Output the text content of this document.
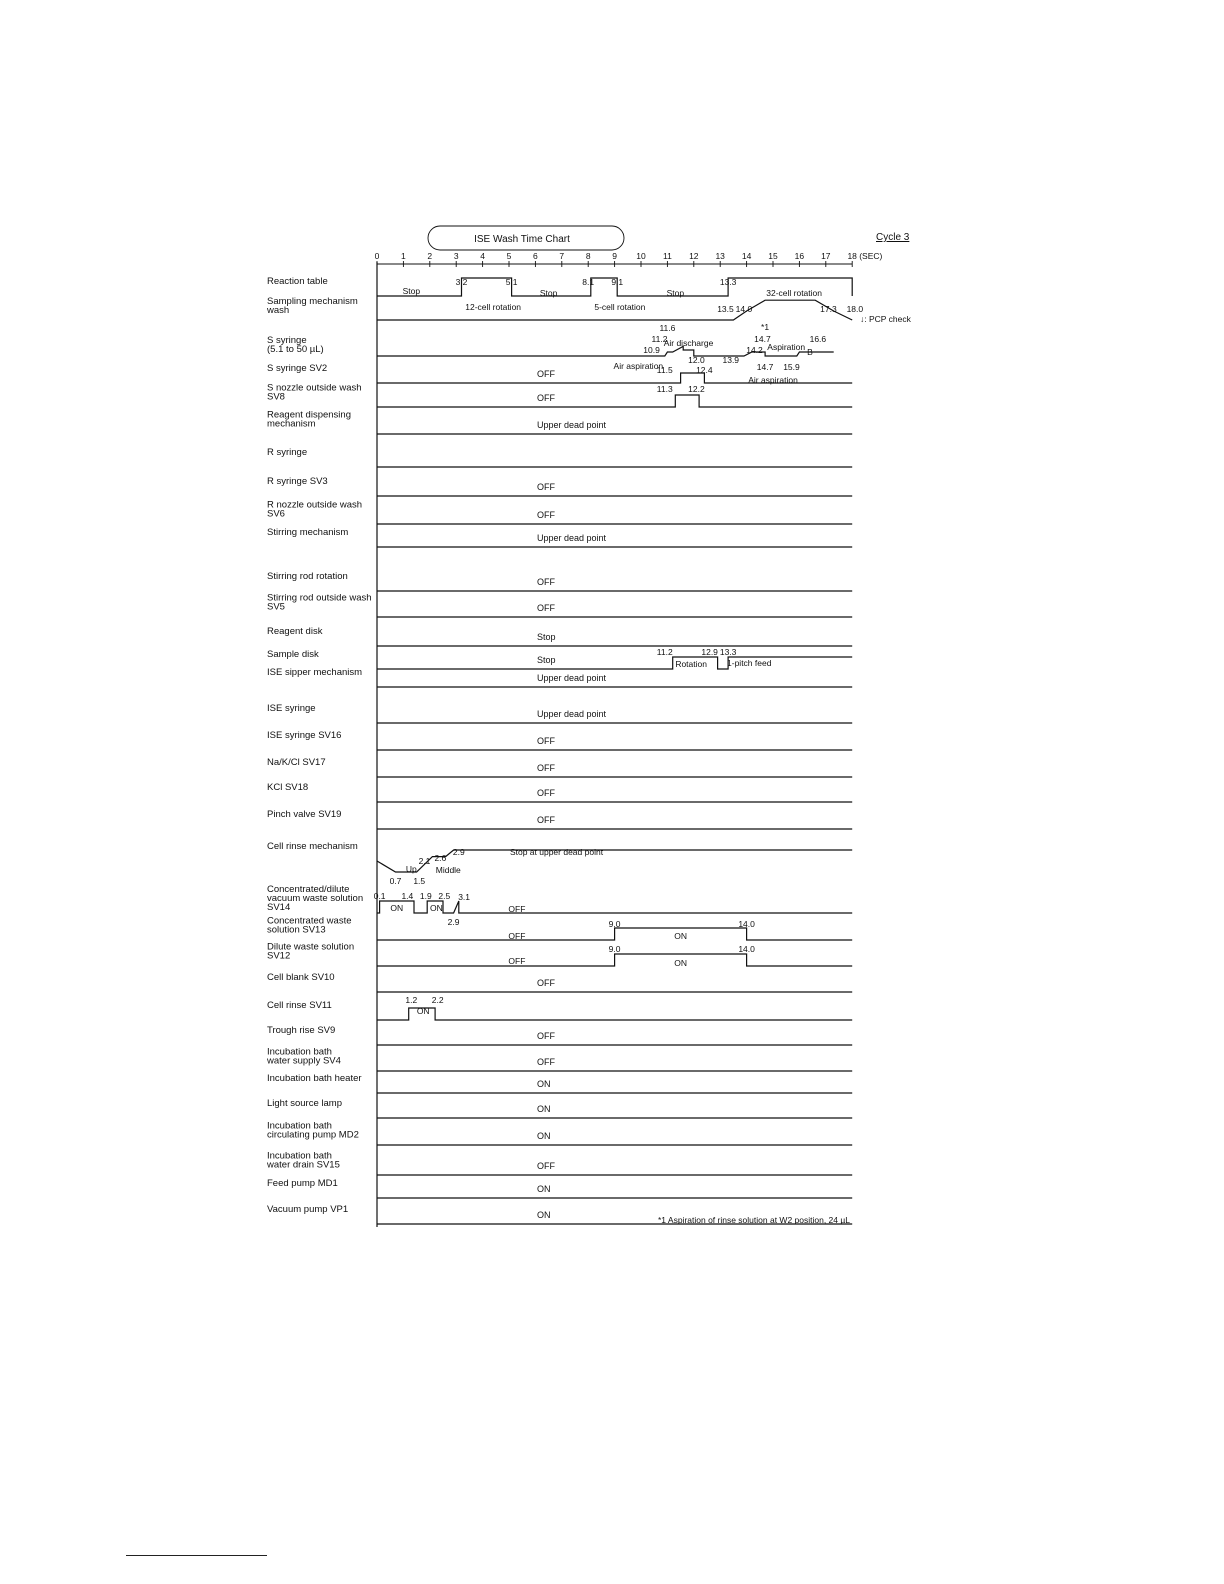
ISE Wash Time Chart	Cycle 3
↓: PCP check
0	1	2	3	4	5	6	7	8	9 10 11 12 13 14 15 16 17 18 (SEC)
Reaction table
Sampling mechanism
wash
S syringe
(5.1 to 50 µL)
S syringe SV2
S nozzle outside wash
SV8
Reagent dispensing
mechanism
R syringe
R syringe SV3
R nozzle outside wash
SV6
Stirring mechanism
Stirring rod rotation
Stirring rod outside wash
SV5
Reagent disk
Sample disk
ISE sipper mechanism
ISE syringe
ISE syringe SV16
Na/K/Cl SV17
KCl SV18
Pinch valve SV19
Cell rinse mechanism
Concentrated/dilute
vacuum waste solution
SV14
Concentrated waste
solution SV13
Dilute waste solution
SV12
Cell blank SV10
Cell rinse SV11
Trough rise SV9
Incubation bath
water supply SV4
Incubation bath heater
Light source lamp
Incubation bath
circulating pump MD2
Incubation bath
water drain SV15
Feed pump MD1
Vacuum pump VP1
Stop
3.2	5.1
12-cell rotation
Stop
8.1 9.1
5-cell rotation
Stop
13.3
32-cell rotation
13.5 14.0	17.3 18.0
*1
14.7
Aspiration
16.6
11.6
11.2
Air discharge
10.9
12.0
Air aspiration
14.2	B
13.9
14.7 15.9
Air aspiration
OFF	11.5	12.4
OFF
11.3 12.2
Upper dead point
OFF
OFF
Upper dead point
OFF
OFF
Stop
Stop
11.2	12.9 13.3
Rotation 1-pitch feed
Upper dead point
Upper dead point
OFF
OFF
OFF
OFF
2.9	Stop at upper dead point
2.1 2.6
Up Middle
0.7 1.5
0.1 1.4 1.9 2.5 3.1
ON	ON	OFF
2.9
OFF
9.0
ON
14.0
OFF
9.0
ON
14.0
OFF
1.2 2.2
ON
OFF
OFF
ON
ON
ON
OFF
ON
ON	*1 Aspiration of rinse solution at W2 position, 24 µL
